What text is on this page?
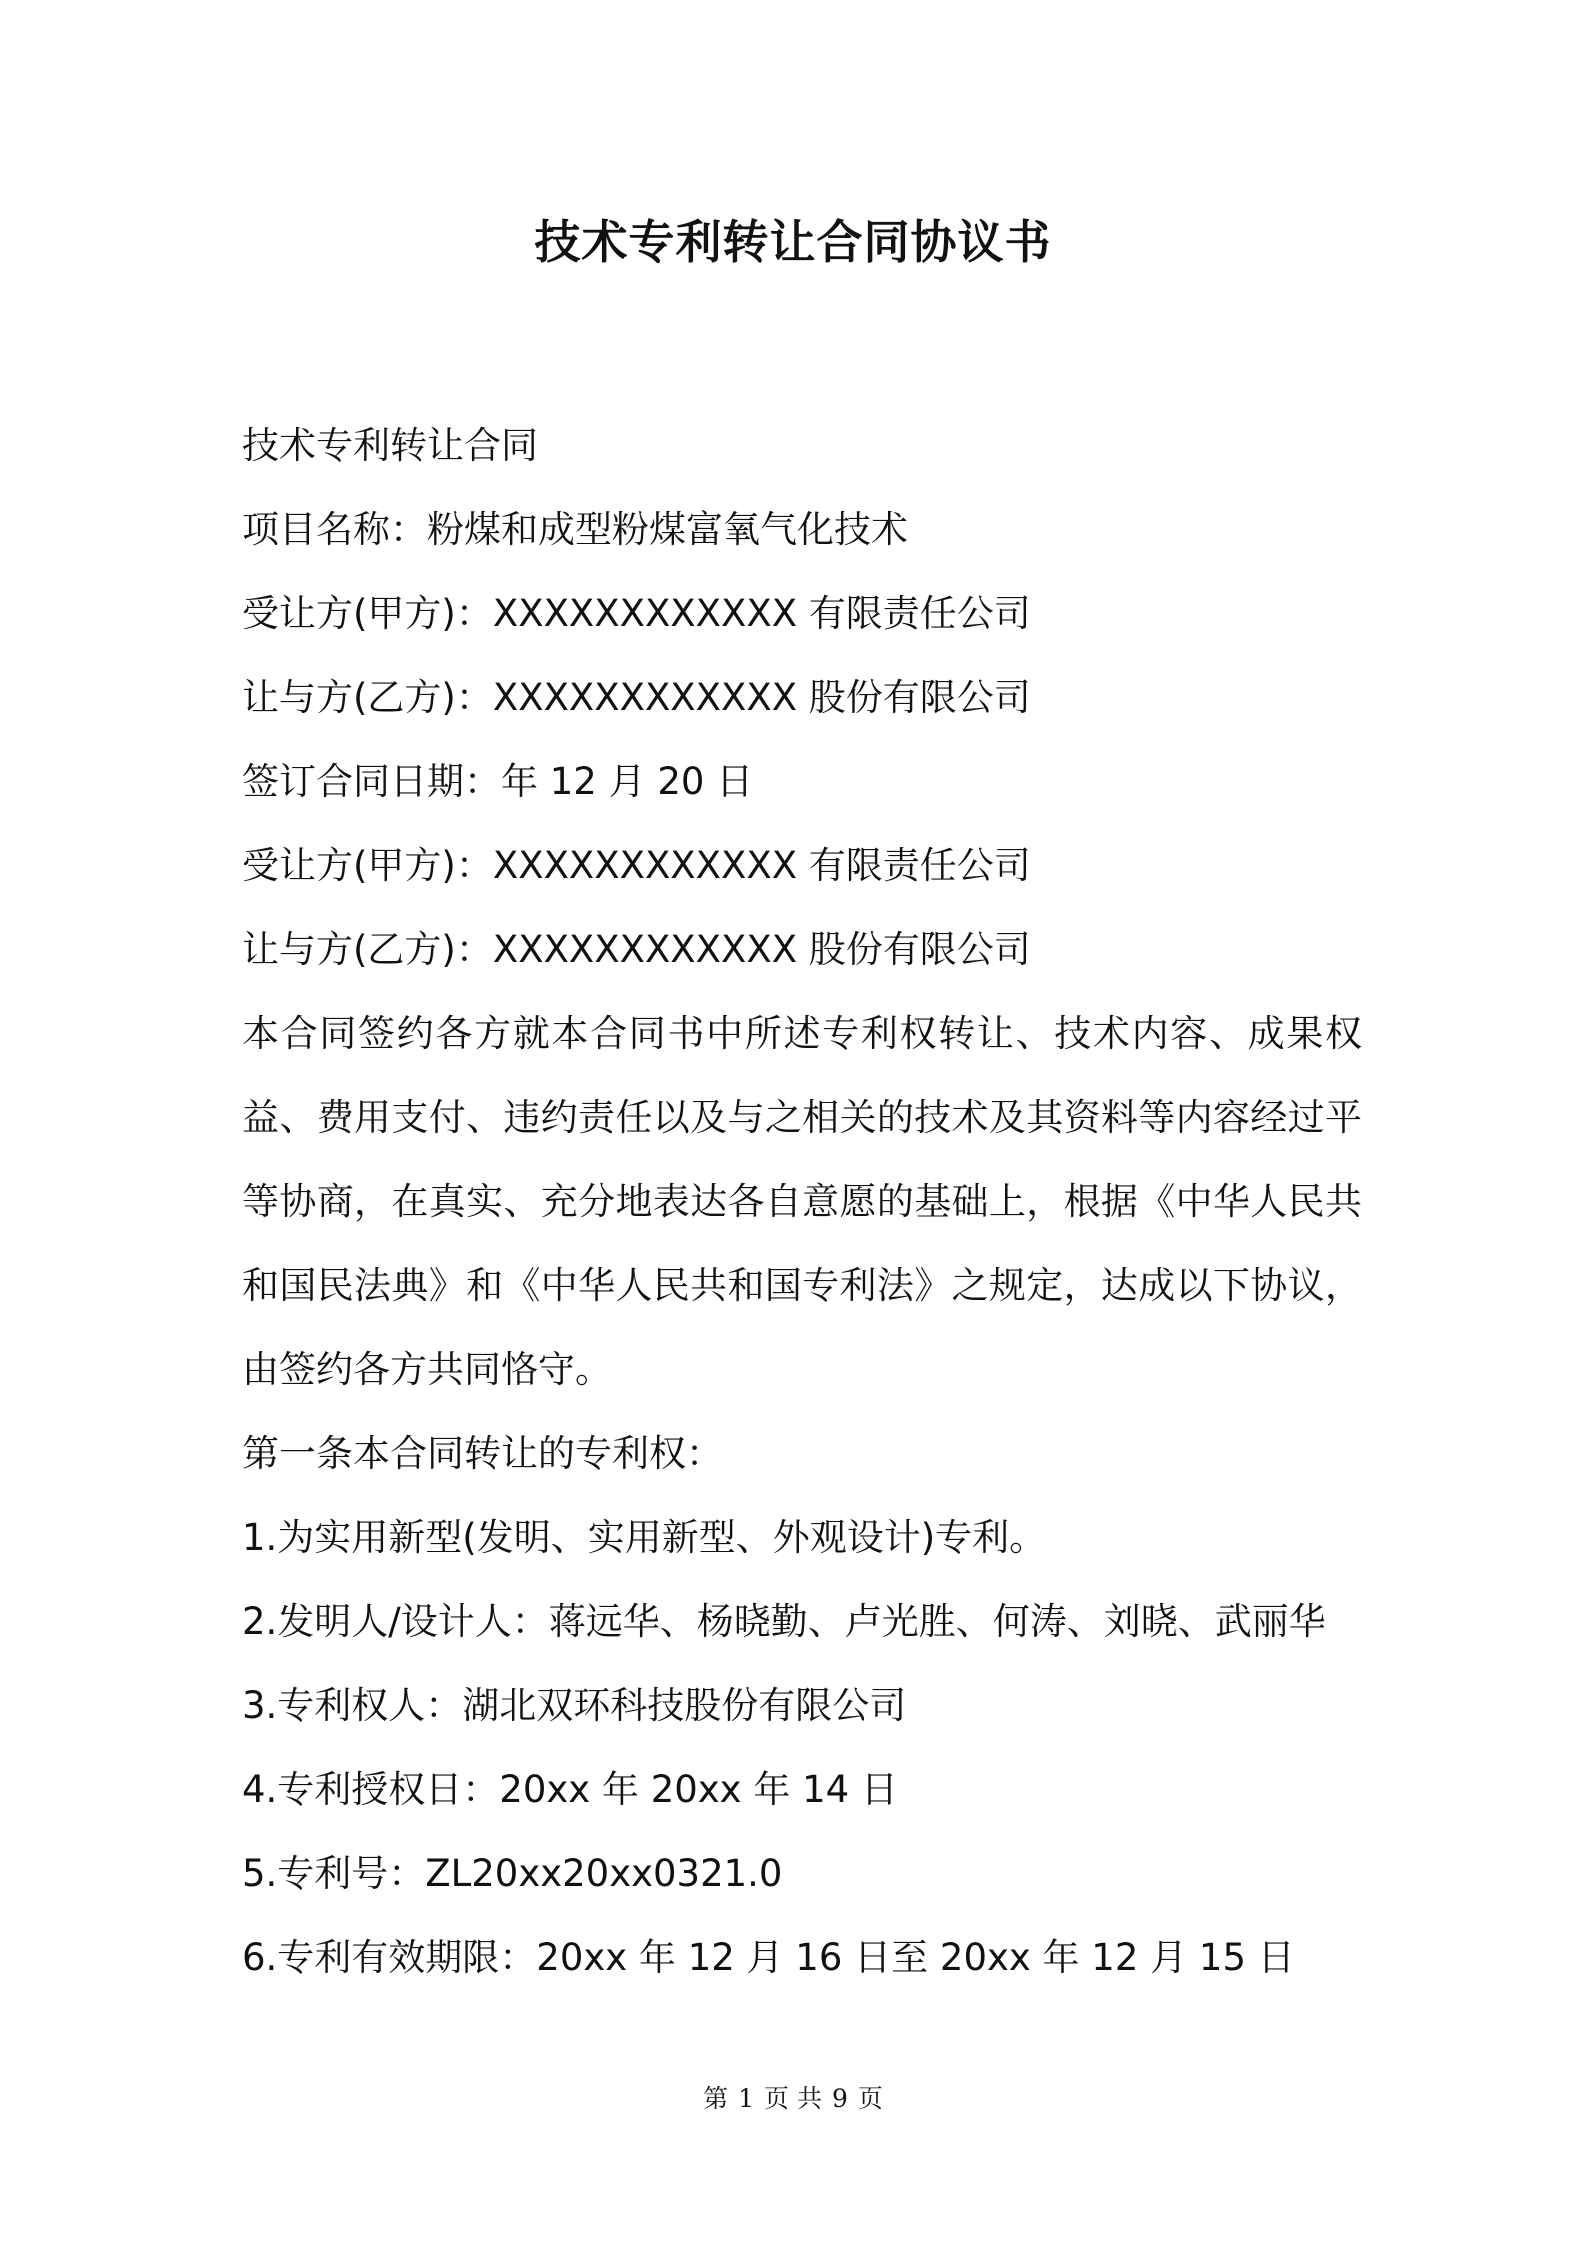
技术专利转让合同协议书

技术专利转让合同

项目名称：粉煤和成型粉煤富氧气化技术

受让方(甲方)：XXXXXXXXXXXX 有限责任公司

让与方(乙方)：XXXXXXXXXXXX 股份有限公司

签订合同日期：年 12 月 20 日

受让方(甲方)：XXXXXXXXXXXX 有限责任公司

让与方(乙方)：XXXXXXXXXXXX 股份有限公司

本合同签约各方就本合同书中所述专利权转让、技术内容、成果权益、费用支付、违约责任以及与之相关的技术及其资料等内容经过平等协商，在真实、充分地表达各自意愿的基础上，根据《中华人民共和国民法典》和《中华人民共和国专利法》之规定，达成以下协议，由签约各方共同恪守。

第一条本合同转让的专利权：

1.为实用新型(发明、实用新型、外观设计)专利。

2.发明人/设计人：蒋远华、杨晓勤、卢光胜、何涛、刘晓、武丽华

3.专利权人：湖北双环科技股份有限公司

4.专利授权日：20xx 年 20xx 年 14 日

5.专利号：ZL20xx20xx0321.0

6.专利有效期限：20xx 年 12 月 16 日至 20xx 年 12 月 15 日

第 1 页 共 9 页
